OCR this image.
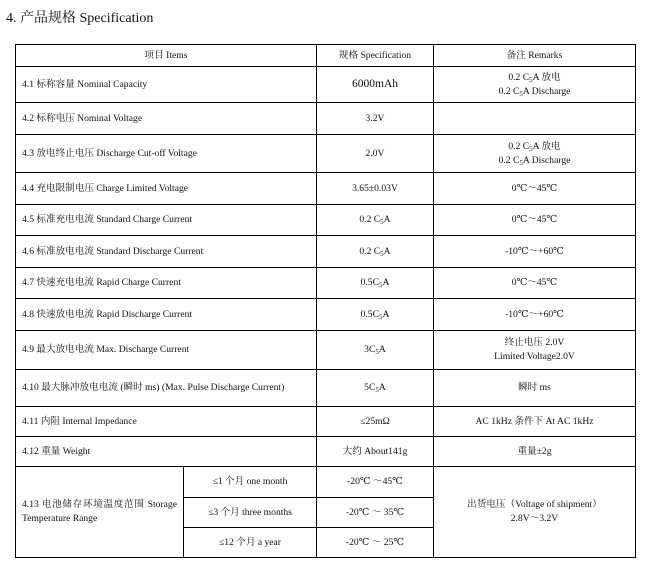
4. 产品规格 Specification
项目 Items		规格 Specification	备注 Remarks
4.1 标称容量 Nominal Capacity		6000mAh	0.2 $C_5A$ 放电
0.2 $C_5A$ Discharge

4.2 标称电压 Nominal Voltage		3.2V	
4.3 放电终止电压 Discharge Cut-off Voltage		2.0V	0.2 $C_5A$ 放电
0.2 $C_5A$ Discharge

4.4 充电限制电压 Charge Limited Voltage		3.65±0.03V	0℃～45℃
4.5 标准充电电流 Standard Charge Current		0.2 $C_5A$	0℃～45℃
4.6 标准放电电流 Standard Discharge Current		0.2 $C_5A$	-10℃～+60℃
4.7 快速充电电流 Rapid Charge Current		$0.5C_5A$	0℃～45℃
4.8 快速放电电流 Rapid Discharge Current		$0.5C_5A$	-10℃～+60℃
4.9 最大放电电流 Max. Discharge Current		$3C_5A$	终止电压 2.0V
Limited Voltage2.0V

4.10 最大脉冲放电电流 (瞬时 ms) (Max. Pulse Discharge Current)		$5C_5A$	瞬时 ms
4.11 内阻 Internal Impedance		≤25mΩ	AC 1kHz 条件下 At AC 1kHz
4.12 重量 Weight		大约 About141g	重量±2g
4.13 电池储存环境温度范围 Storage Temperature Range	≤1 个月 one month	-20℃ ～45℃	出货电压（Voltage of shipment）
2.8V～3.2V

	≤3 个月 three months	-20℃ ～ 35℃	
	≤12 个月 a year	-20℃ ～ 25℃	
